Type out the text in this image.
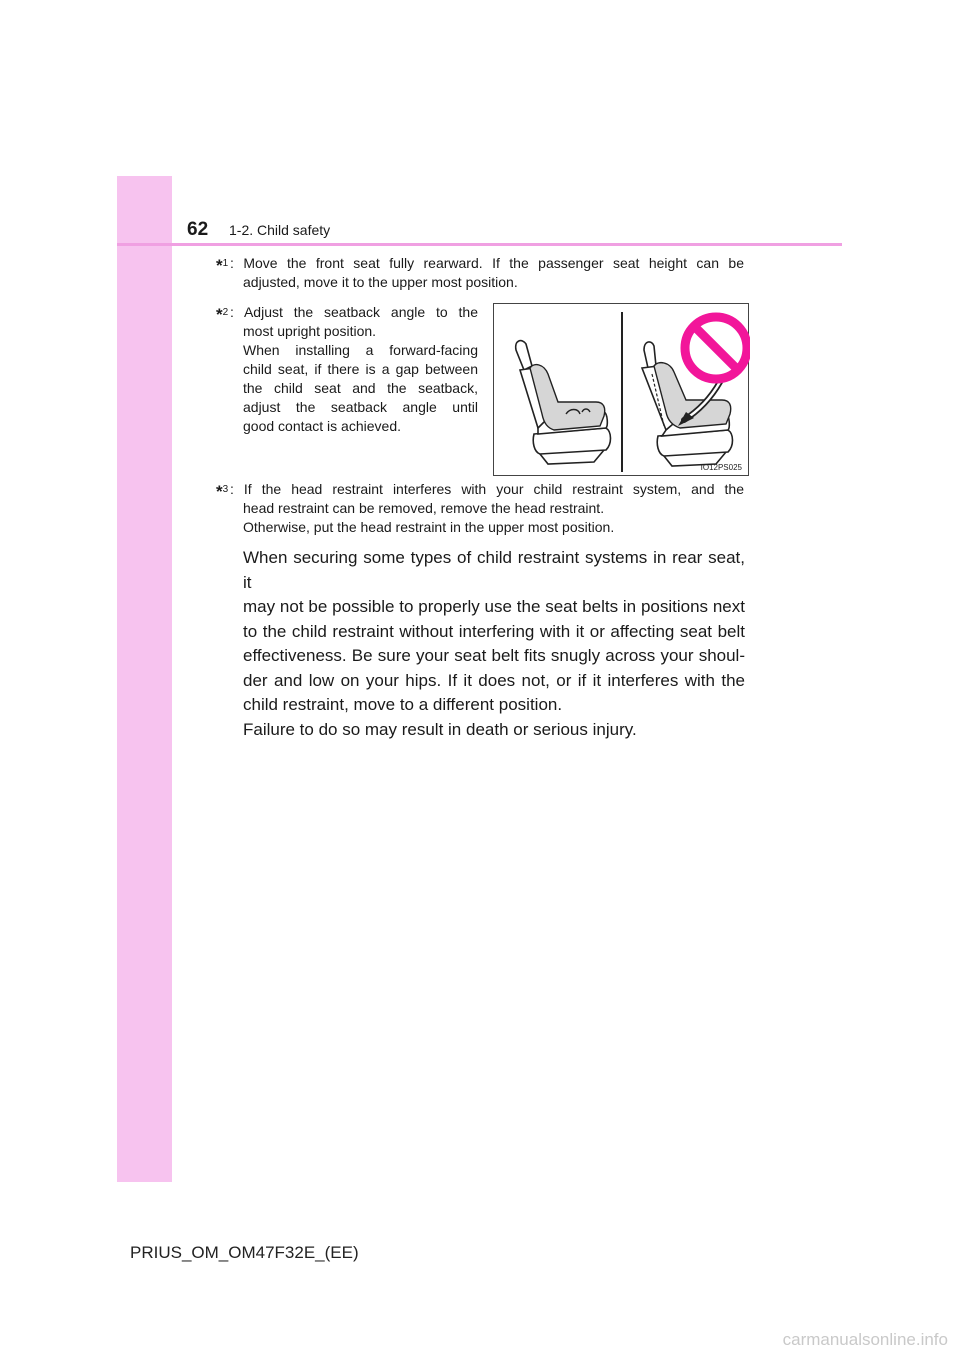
62 1-2. Child safety
*$^1$ : Move the front seat fully rearward. If the passenger seat height can be
adjusted, move it to the upper most position.
*$^2$ : Adjust the seatback angle to the
most upright position.
When installing a forward-facing
child seat, if there is a gap between
the child seat and the seatback,
adjust the seatback angle until
good contact is achieved.
IO12PS025
*$^3$ : If the head restraint interferes with your child restraint system, and the
head restraint can be removed, remove the head restraint.
Otherwise, put the head restraint in the upper most position.
When securing some types of child restraint systems in rear seat, it
may not be possible to properly use the seat belts in positions next
to the child restraint without interfering with it or affecting seat belt
effectiveness. Be sure your seat belt fits snugly across your shoul-
der and low on your hips. If it does not, or if it interferes with the
child restraint, move to a different position.
Failure to do so may result in death or serious injury.
PRIUS_OM_OM47F32E_(EE)
carmanualsonline.info
